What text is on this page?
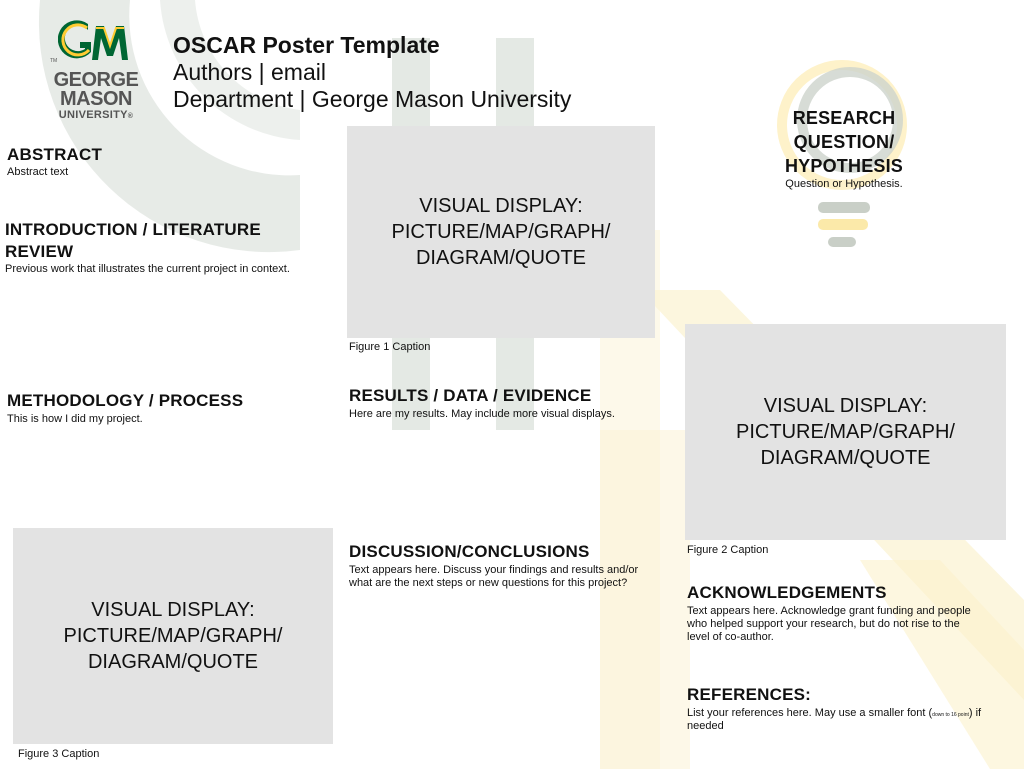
TM
GEORGE
MASON
UNIVERSITY®
OSCAR Poster Template
Authors | email
Department | George Mason University
ABSTRACT
Abstract text
INTRODUCTION / LITERATURE
REVIEW
Previous work that illustrates the current project in context.
METHODOLOGY / PROCESS
This is how I did my project.
VISUAL DISPLAY:
PICTURE/MAP/GRAPH/
DIAGRAM/QUOTE
Figure 1 Caption
RESULTS / DATA / EVIDENCE
Here are my results. May include more visual displays.
DISCUSSION/CONCLUSIONS
Text appears here. Discuss your findings and results and/or
what are the next steps or new questions for this project?
RESEARCH
QUESTION/
HYPOTHESIS
Question or Hypothesis.
VISUAL DISPLAY:
PICTURE/MAP/GRAPH/
DIAGRAM/QUOTE
Figure 2 Caption
ACKNOWLEDGEMENTS
Text appears here. Acknowledge grant funding and people
who helped support your research, but do not rise to the
level of co-author.
REFERENCES:
List your references here. May use a smaller font (down to 16 point) if
needed
VISUAL DISPLAY:
PICTURE/MAP/GRAPH/
DIAGRAM/QUOTE
Figure 3 Caption
